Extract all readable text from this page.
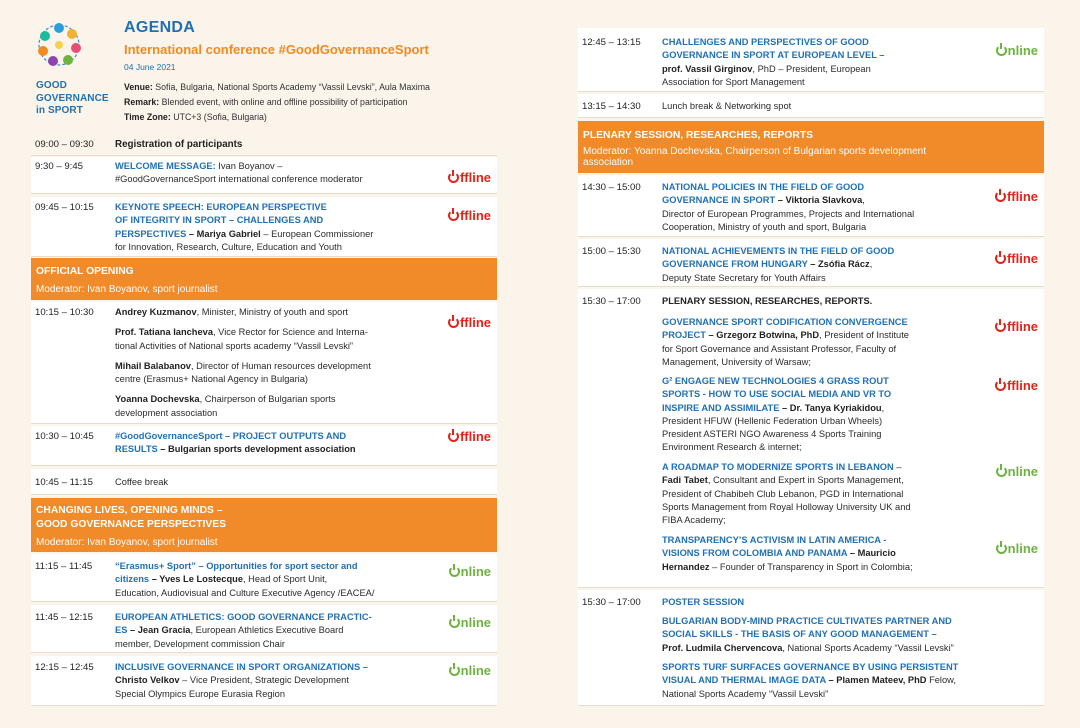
GOOD
GOVERNANCE
in SPORT
AGENDA
International conference #GoodGovernanceSport
04 June 2021
Venue: Sofia, Bulgaria, National Sports Academy “Vassil Levski”, Aula Maxima
Remark: Blended event, with online and offline possibility of participation
Time Zone: UTC+3 (Sofia, Bulgaria)
09:00 – 09:30 Registration of participants
9:30 – 9:45	WELCOME MESSAGE: Ivan Boyanov –
#GoodGovernanceSport international conference moderator	ffline
09:45 – 10:15 KEYNOTE SPEECH: EUROPEAN PERSPECTIVE
OF INTEGRITY IN SPORT – CHALLENGES AND
PERSPECTIVES – Mariya Gabriel – European Commissioner
for Innovation, Research, Culture, Education and Youth
ffline
OFFICIAL OPENING
Moderator: Ivan Boyanov, sport journalist
10:15 – 10:30 Andrey Kuzmanov, Minister, Ministry of youth and sport
Prof. Tatiana Iancheva, Vice Rector for Science and Interna-
tional Activities of National sports academy “Vassil Levski”
Mihail Balabanov, Director of Human resources development
centre (Erasmus+ National Agency in Bulgaria)
Yoanna Dochevska, Chairperson of Bulgarian sports
development association
ffline
10:30 – 10:45 #GoodGovernanceSport – PROJECT OUTPUTS AND
RESULTS – Bulgarian sports development association
ffline
10:45 – 11:15 Coffee break
CHANGING LIVES, OPENING MINDS –
GOOD GOVERNANCE PERSPECTIVES
Moderator: Ivan Boyanov, sport journalist
11:15 – 11:45 “Erasmus+ Sport” – Opportunities for sport sector and
citizens – Yves Le Lostecque, Head of Sport Unit,
Education, Audiovisual and Culture Executive Agency /EACEA/
nline
11:45 – 12:15 EUROPEAN ATHLETICS: GOOD GOVERNANCE PRACTIC-
ES – Jean Gracia, European Athletics Executive Board
member, Development commission Chair
nline
12:15 – 12:45 INCLUSIVE GOVERNANCE IN SPORT ORGANIZATIONS –
Christo Velkov – Vice President, Strategic Development
Special Olympics Europe Eurasia Region
nline
12:45 – 13:15 CHALLENGES AND PERSPECTIVES OF GOOD
GOVERNANCE IN SPORT AT EUROPEAN LEVEL –
prof. Vassil Girginov, PhD – President, European
Association for Sport Management
nline
13:15 – 14:30 Lunch break & Networking spot
PLENARY SESSION, RESEARCHES, REPORTS
Moderator: Yoanna Dochevska, Chairperson of Bulgarian sports development
association
14:30 – 15:00 NATIONAL POLICIES IN THE FIELD OF GOOD
GOVERNANCE IN SPORT – Viktoria Slavkova,
Director of European Programmes, Projects and International
Cooperation, Ministry of youth and sport, Bulgaria
ffline
15:00 – 15:30 NATIONAL ACHIEVEMENTS IN THE FIELD OF GOOD
GOVERNANCE FROM HUNGARY – Zsófia Rácz,
Deputy State Secretary for Youth Affairs
ffline
15:30 – 17:00 PLENARY SESSION, RESEARCHES, REPORTS.
GOVERNANCE SPORT CODIFICATION CONVERGENCE
PROJECT – Grzegorz Botwina, PhD, President of Institute
for Sport Governance and Assistant Professor, Faculty of
Management, University of Warsaw;
ffline
G² ENGAGE NEW TECHNOLOGIES 4 GRASS ROUT
SPORTS - HOW TO USE SOCIAL MEDIA AND VR TO
INSPIRE AND ASSIMILATE – Dr. Tanya Kyriakidou,
President HFUW (Hellenic Federation Urban Wheels)
President ASTERI NGO Awareness 4 Sports Training
Environment Research & internet;
ffline
A ROADMAP TO MODERNIZE SPORTS IN LEBANON –
Fadi Tabet, Consultant and Expert in Sports Management,
President of Chabibeh Club Lebanon, PGD in International
Sports Management from Royal Holloway University UK and
FIBA Academy;
nline
TRANSPARENCY’S ACTIVISM IN LATIN AMERICA -
VISIONS FROM COLOMBIA AND PANAMA – Mauricio
Hernandez – Founder of Transparency in Sport in Colombia;
nline
15:30 – 17:00 POSTER SESSION
BULGARIAN BODY-MIND PRACTICE CULTIVATES PARTNER AND
SOCIAL SKILLS - THE BASIS OF ANY GOOD MANAGEMENT –
Prof. Ludmila Chervencova, National Sports Academy “Vassil Levski”
SPORTS TURF SURFACES GOVERNANCE BY USING PERSISTENT
VISUAL AND THERMAL IMAGE DATA – Plamen Mateev, PhD Felow,
National Sports Academy “Vassil Levski”
